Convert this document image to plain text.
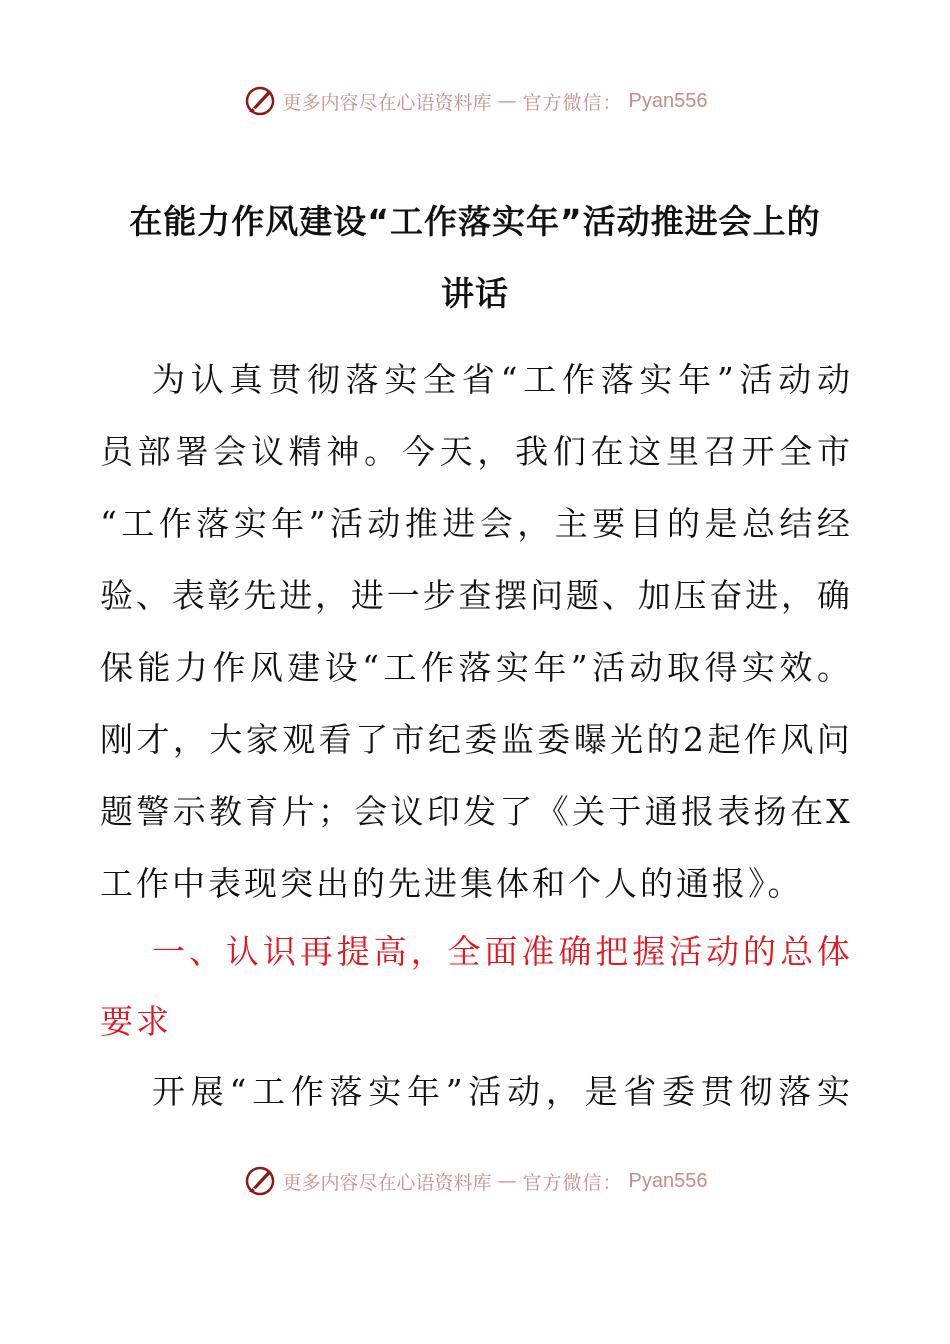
更多内容尽在心语资料库 — 官方微信： Pyan556
在能力作风建设“工作落实年”活动推进会上的
讲话
为 认 真 贯 彻 落 实 全 省 “ 工 作 落 实 年 ” 活 动 动
员 部 署 会 议 精 神 。 今 天 ， 我 们 在 这 里 召 开 全 市
“ 工 作 落 实 年 ” 活 动 推 进 会 ， 主 要 目 的 是 总 结 经
验 、 表 彰 先 进 ， 进 一 步 查 摆 问 题 、 加 压 奋 进 ， 确
保 能 力 作 风 建 设 “ 工 作 落 实 年 ” 活 动 取 得 实 效 。
刚 才 ， 大 家 观 看 了 市 纪 委 监 委 曝 光 的 2 起 作 风 问
题 警 示 教 育 片 ； 会 议 印 发 了 《 关 于 通 报 表 扬 在 X
工作中表现突出的先进集体和个人的通报》。
一 、 认 识 再 提 高 ， 全 面 准 确 把 握 活 动 的 总 体
要求
开 展 “ 工 作 落 实 年 ” 活 动 ， 是 省 委 贯 彻 落 实
更多内容尽在心语资料库 — 官方微信： Pyan556
